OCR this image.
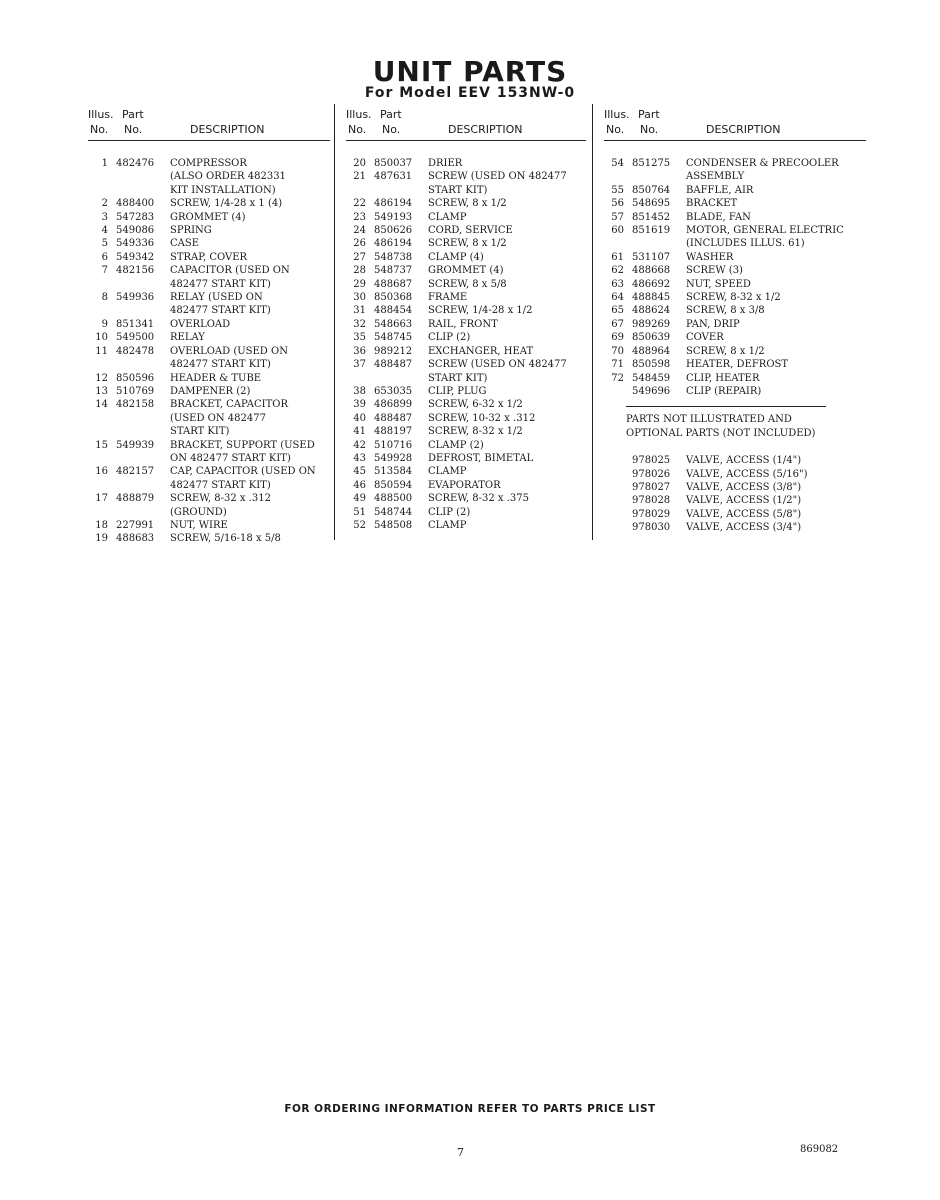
UNIT PARTS
For Model EEV 153NW-0
Illus. Part
No. No.	DESCRIPTION
1 482476	COMPRESSOR
(ALSO ORDER 482331
KIT INSTALLATION)
2 488400	SCREW, 1/4-28 x 1 (4)
3 547283	GROMMET (4)
4 549086	SPRING
5 549336	CASE
6 549342	STRAP, COVER
7 482156	CAPACITOR (USED ON
482477 START KIT)
8 549936	RELAY (USED ON
482477 START KIT)
9 851341	OVERLOAD
10 549500	RELAY
11 482478	OVERLOAD (USED ON
482477 START KIT)
12 850596	HEADER & TUBE
13 510769	DAMPENER (2)
14 482158	BRACKET, CAPACITOR
(USED ON 482477
START KIT)
15 549939	BRACKET, SUPPORT (USED
ON 482477 START KIT)
16 482157	CAP, CAPACITOR (USED ON
482477 START KIT)
17 488879	SCREW, 8-32 x .312
(GROUND)
18 227991	NUT, WIRE
19 488683	SCREW, 5/16-18 x 5/8
Illus. Part
No. No.	DESCRIPTION
20 850037	DRIER
21 487631	SCREW (USED ON 482477
START KIT)
22 486194	SCREW, 8 x 1/2
23 549193	CLAMP
24 850626	CORD, SERVICE
26 486194	SCREW, 8 x 1/2
27 548738	CLAMP (4)
28 548737	GROMMET (4)
29 488687	SCREW, 8 x 5/8
30 850368	FRAME
31 488454	SCREW, 1/4-28 x 1/2
32 548663	RAIL, FRONT
35 548745	CLIP (2)
36 989212	EXCHANGER, HEAT
37 488487	SCREW (USED ON 482477
START KIT)
38 653035	CLIP, PLUG
39 486899	SCREW, 6-32 x 1/2
40 488487	SCREW, 10-32 x .312
41 488197	SCREW, 8-32 x 1/2
42 510716	CLAMP (2)
43 549928	DEFROST, BIMETAL
45 513584	CLAMP
46 850594	EVAPORATOR
49 488500	SCREW, 8-32 x .375
51 548744	CLIP (2)
52 548508	CLAMP
Illus. Part
No. No.	DESCRIPTION
54 851275	CONDENSER & PRECOOLER
ASSEMBLY
55 850764	BAFFLE, AIR
56 548695	BRACKET
57 851452	BLADE, FAN
60 851619	MOTOR, GENERAL ELECTRIC
(INCLUDES ILLUS. 61)
61 531107	WASHER
62 488668	SCREW (3)
63 486692	NUT, SPEED
64 488845	SCREW, 8-32 x 1/2
65 488624	SCREW, 8 x 3/8
67 989269	PAN, DRIP
69 850639	COVER
70 488964	SCREW, 8 x 1/2
71 850598	HEATER, DEFROST
72 548459	CLIP, HEATER
549696	CLIP (REPAIR)
PARTS NOT ILLUSTRATED AND
OPTIONAL PARTS (NOT INCLUDED)
978025	VALVE, ACCESS (1/4")
978026	VALVE, ACCESS (5/16")
978027	VALVE, ACCESS (3/8")
978028	VALVE, ACCESS (1/2")
978029	VALVE, ACCESS (5/8")
978030	VALVE, ACCESS (3/4")
FOR ORDERING INFORMATION REFER TO PARTS PRICE LIST
7	869082
